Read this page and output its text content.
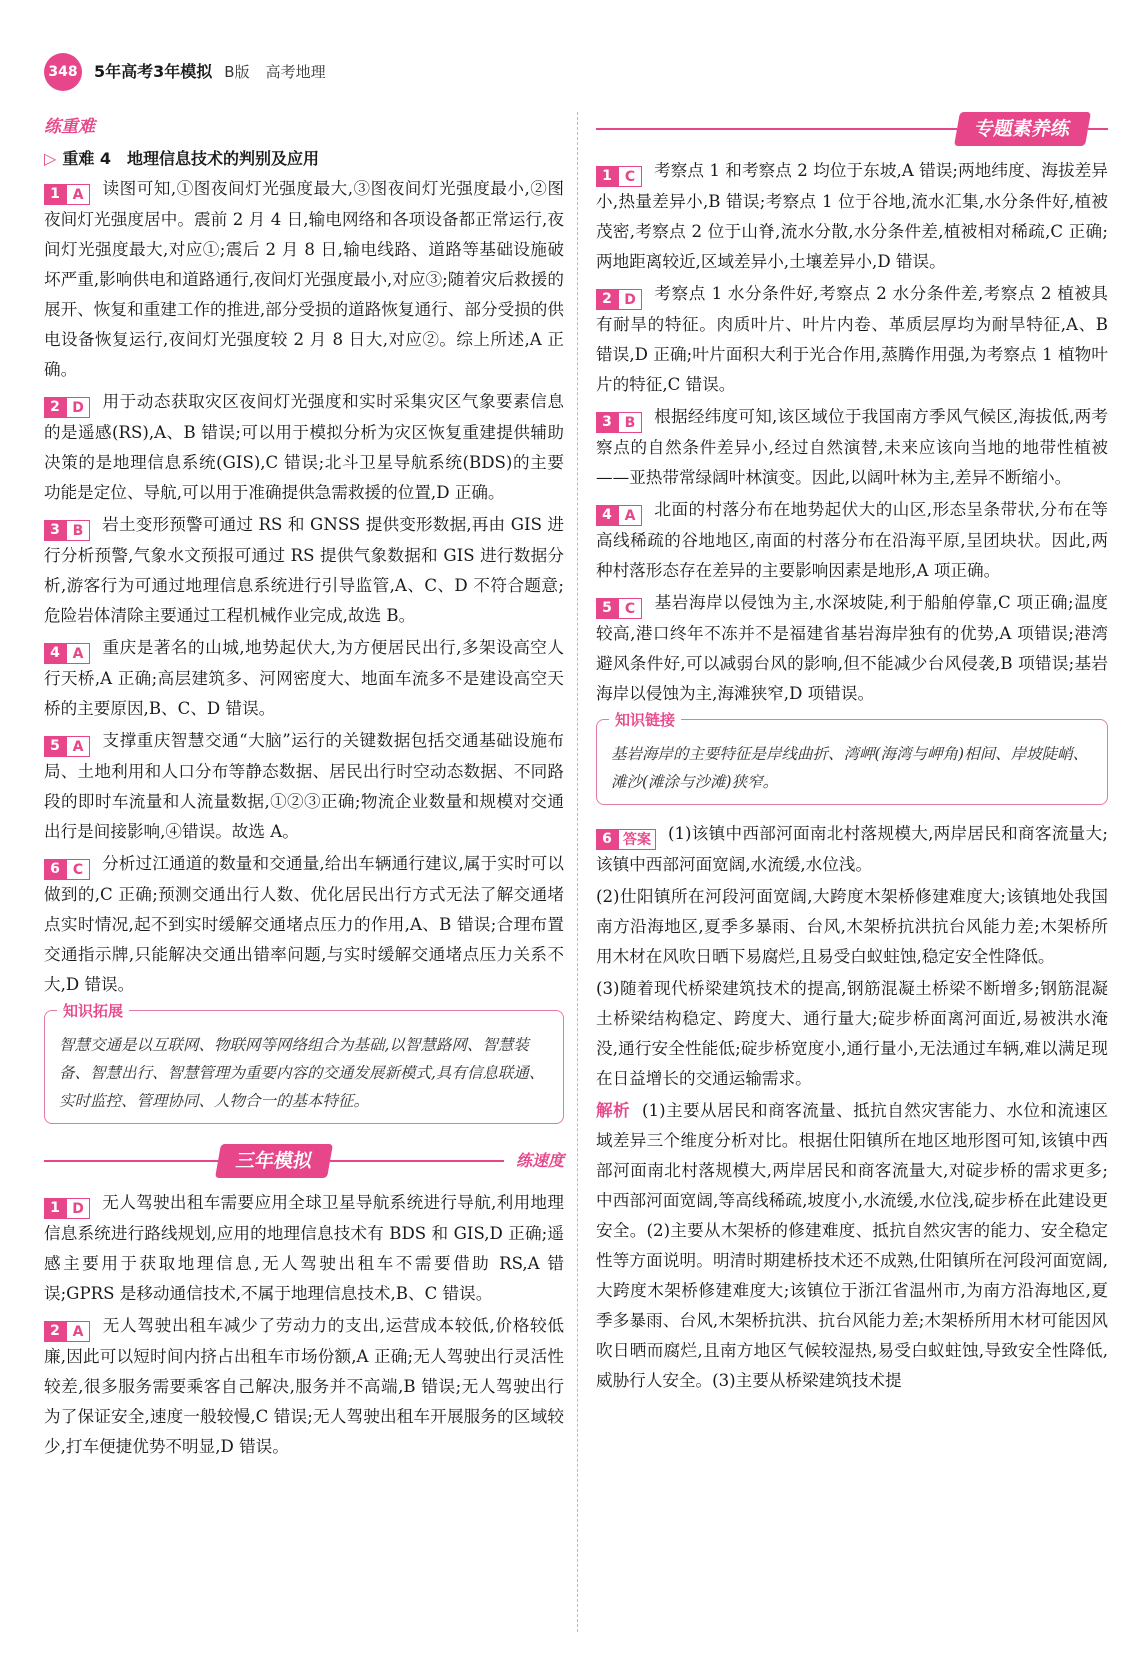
348 5年高考3年模拟 B版 高考地理
练重难
▷ 重难 4　地理信息技术的判别及应用

1 A	读图可知,①图夜间灯光强度最大,③图夜间灯光强度最小,②图夜间灯光强度居中。震前 2 月 4 日,输电网络和各项设备都正常运行,夜间灯光强度最大,对应①;震后 2 月 8 日,输电线路、道路等基础设施破坏严重,影响供电和道路通行,夜间灯光强度最小,对应③;随着灾后救援的展开、恢复和重建工作的推进,部分受损的道路恢复通行、部分受损的供电设备恢复运行,夜间灯光强度较 2 月 8 日大,对应②。综上所述,A 正确。

2 D	用于动态获取灾区夜间灯光强度和实时采集灾区气象要素信息的是遥感(RS),A、B 错误;可以用于模拟分析为灾区恢复重建提供辅助决策的是地理信息系统(GIS),C 错误;北斗卫星导航系统(BDS)的主要功能是定位、导航,可以用于准确提供急需救援的位置,D 正确。

3 B	岩土变形预警可通过 RS 和 GNSS 提供变形数据,再由 GIS 进行分析预警,气象水文预报可通过 RS 提供气象数据和 GIS 进行数据分析,游客行为可通过地理信息系统进行引导监管,A、C、D 不符合题意;危险岩体清除主要通过工程机械作业完成,故选 B。

4 A	重庆是著名的山城,地势起伏大,为方便居民出行,多架设高空人行天桥,A 正确;高层建筑多、河网密度大、地面车流多不是建设高空天桥的主要原因,B、C、D 错误。

5 A	支撑重庆智慧交通“大脑”运行的关键数据包括交通基础设施布局、土地利用和人口分布等静态数据、居民出行时空动态数据、不同路段的即时车流量和人流量数据,①②③正确;物流企业数量和规模对交通出行是间接影响,④错误。故选 A。

6 C	分析过江通道的数量和交通量,给出车辆通行建议,属于实时可以做到的,C 正确;预测交通出行人数、优化居民出行方式无法了解交通堵点实时情况,起不到实时缓解交通堵点压力的作用,A、B 错误;合理布置交通指示牌,只能解决交通出错率问题,与实时缓解交通堵点压力关系不大,D 错误。

知识拓展
智慧交通是以互联网、物联网等网络组合为基础,以智慧路网、智慧装备、智慧出行、智慧管理为重要内容的交通发展新模式,具有信息联通、实时监控、管理协同、人物合一的基本特征。
三年模拟	练速度

1 D	无人驾驶出租车需要应用全球卫星导航系统进行导航,利用地理信息系统进行路线规划,应用的地理信息技术有 BDS 和 GIS,D 正确;遥感主要用于获取地理信息,无人驾驶出租车不需要借助 RS,A 错误;GPRS 是移动通信技术,不属于地理信息技术,B、C 错误。

2 A	无人驾驶出租车减少了劳动力的支出,运营成本较低,价格较低廉,因此可以短时间内挤占出租车市场份额,A 正确;无人驾驶出行灵活性较差,很多服务需要乘客自己解决,服务并不高端,B 错误;无人驾驶出行为了保证安全,速度一般较慢,C 错误;无人驾驶出租车开展服务的区域较少,打车便捷优势不明显,D 错误。

专题素养练

1 C	考察点 1 和考察点 2 均位于东坡,A 错误;两地纬度、海拔差异小,热量差异小,B 错误;考察点 1 位于谷地,流水汇集,水分条件好,植被茂密,考察点 2 位于山脊,流水分散,水分条件差,植被相对稀疏,C 正确;两地距离较近,区域差异小,土壤差异小,D 错误。

2 D	考察点 1 水分条件好,考察点 2 水分条件差,考察点 2 植被具有耐旱的特征。肉质叶片、叶片内卷、革质层厚均为耐旱特征,A、B 错误,D 正确;叶片面积大利于光合作用,蒸腾作用强,为考察点 1 植物叶片的特征,C 错误。

3 B	根据经纬度可知,该区域位于我国南方季风气候区,海拔低,两考察点的自然条件差异小,经过自然演替,未来应该向当地的地带性植被——亚热带常绿阔叶林演变。因此,以阔叶林为主,差异不断缩小。

4 A	北面的村落分布在地势起伏大的山区,形态呈条带状,分布在等高线稀疏的谷地地区,南面的村落分布在沿海平原,呈团块状。因此,两种村落形态存在差异的主要影响因素是地形,A 项正确。

5 C	基岩海岸以侵蚀为主,水深坡陡,利于船舶停靠,C 项正确;温度较高,港口终年不冻并不是福建省基岩海岸独有的优势,A 项错误;港湾避风条件好,可以减弱台风的影响,但不能减少台风侵袭,B 项错误;基岩海岸以侵蚀为主,海滩狭窄,D 项错误。

知识链接
基岩海岸的主要特征是岸线曲折、湾岬(海湾与岬角)相间、岸坡陡峭、滩沙(滩涂与沙滩)狭窄。

6 答案	(1)该镇中西部河面南北村落规模大,两岸居民和商客流量大;该镇中西部河面宽阔,水流缓,水位浅。

(2)仕阳镇所在河段河面宽阔,大跨度木架桥修建难度大;该镇地处我国南方沿海地区,夏季多暴雨、台风,木架桥抗洪抗台风能力差;木架桥所用木材在风吹日晒下易腐烂,且易受白蚁蛀蚀,稳定安全性降低。

(3)随着现代桥梁建筑技术的提高,钢筋混凝土桥梁不断增多;钢筋混凝土桥梁结构稳定、跨度大、通行量大;碇步桥面离河面近,易被洪水淹没,通行安全性能低;碇步桥宽度小,通行量小,无法通过车辆,难以满足现在日益增长的交通运输需求。

解析 (1)主要从居民和商客流量、抵抗自然灾害能力、水位和流速区域差异三个维度分析对比。根据仕阳镇所在地区地形图可知,该镇中西部河面南北村落规模大,两岸居民和商客流量大,对碇步桥的需求更多;中西部河面宽阔,等高线稀疏,坡度小,水流缓,水位浅,碇步桥在此建设更安全。(2)主要从木架桥的修建难度、抵抗自然灾害的能力、安全稳定性等方面说明。明清时期建桥技术还不成熟,仕阳镇所在河段河面宽阔,大跨度木架桥修建难度大;该镇位于浙江省温州市,为南方沿海地区,夏季多暴雨、台风,木架桥抗洪、抗台风能力差;木架桥所用木材可能因风吹日晒而腐烂,且南方地区气候较湿热,易受白蚁蛀蚀,导致安全性降低,威胁行人安全。(3)主要从桥梁建筑技术提
